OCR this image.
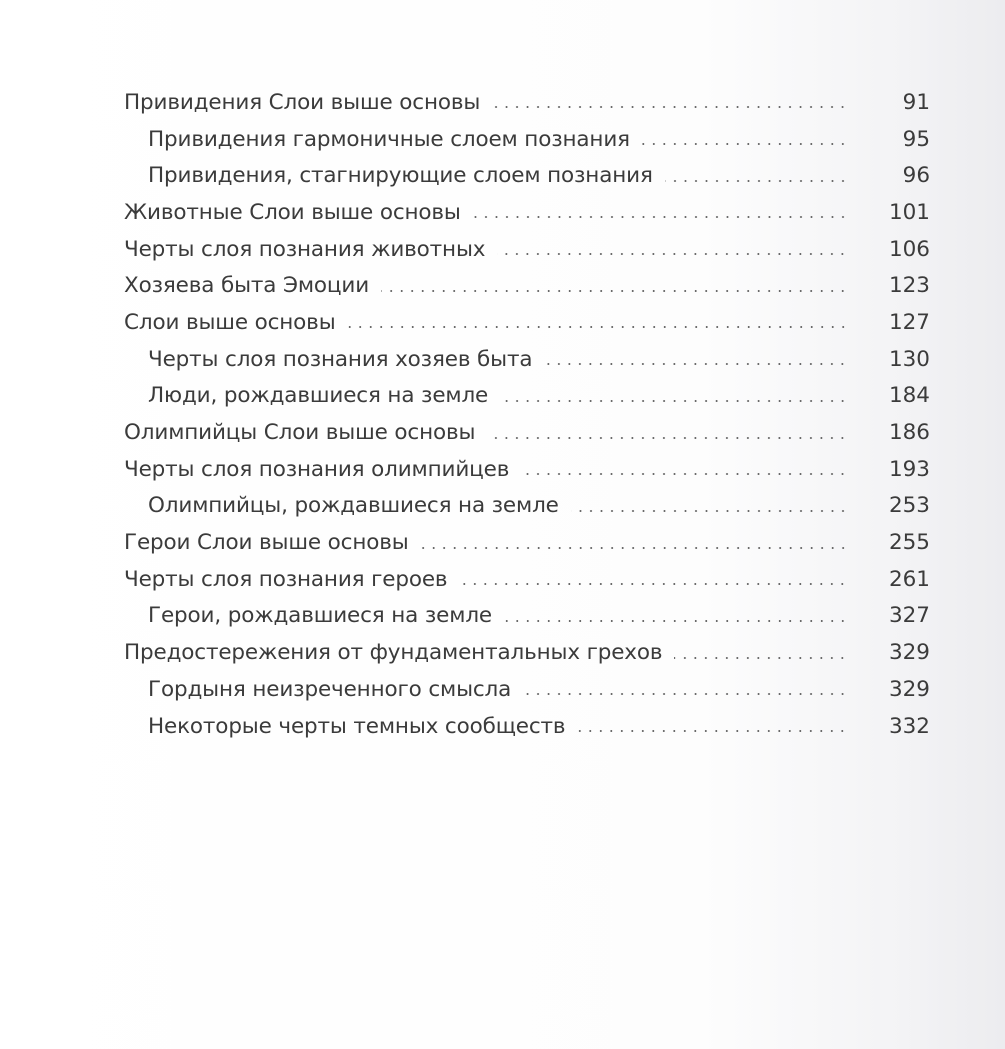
Привидения Слои выше основы	91
Привидения гармоничные слоем познания	95
Привидения, стагнирующие слоем познания	96
Животные Слои выше основы	101
Черты слоя познания животных	106
Хозяева быта Эмоции	123
Слои выше основы	127
Черты слоя познания хозяев быта	130
Люди, рождавшиеся на земле	184
Олимпийцы Слои выше основы	186
Черты слоя познания олимпийцев	193
Олимпийцы, рождавшиеся на земле	253
Герои Слои выше основы	255
Черты слоя познания героев	261
Герои, рождавшиеся на земле	327
Предостережения от фундаментальных грехов	329
Гордыня неизреченного смысла	329
Некоторые черты темных сообществ	332
